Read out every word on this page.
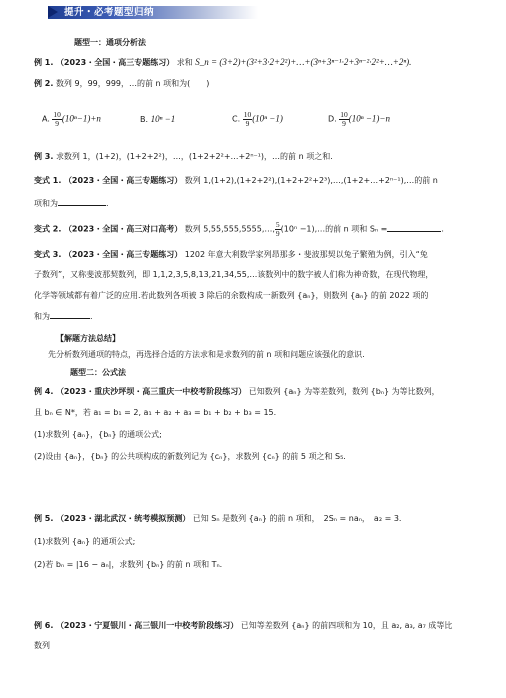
提升・必考题型归纳
题型一：通项分析法
例 1. （2023・全国・高三专题练习） 求和 S_n = (3+2)+(3²+3·2+2²)+…+(3ⁿ+3ⁿ⁻¹·2+3ⁿ⁻²·2²+…+2ⁿ).
例 2. 数列 9，99，999，…的前 n 项和为(　　)
A. $\frac{10}{9} (10^n-1)+n$	B. 10ⁿ −1	C. $\frac{10}{9} (10^n -1)$	D. $\frac{10}{9} (10^n -1)-n$
例 3. 求数列 1，(1+2)，(1+2+2²)，…，(1+2+2²+…+2ⁿ⁻¹)，…的前 n 项之和.
变式 1. （2023・全国・高三专题练习） 数列 1,(1+2),(1+2+2²),(1+2+2²+2³),…,(1+2+…+2ⁿ⁻¹),…的前 n
项和为	.
变式 2. （2023・全国・高三对口高考） 数列 5,55,555,5555,…, $\frac{5}{9} (10^n$ −1),…的前 n 项和 Sₙ =	.
变式 3. （2023・全国・高三专题练习） 1202 年意大利数学家列昂那多・斐波那契以兔子繁殖为例，引入“兔
子数列”，又称斐波那契数列，即 1,1,2,3,5,8,13,21,34,55,…该数列中的数字被人们称为神奇数，在现代物理，
化学等领域都有着广泛的应用.若此数列各项被 3 除后的余数构成一新数列 {aₙ}，则数列 {aₙ} 的前 2022 项的
和为	.
【解题方法总结】
先分析数列通项的特点，再选择合适的方法求和是求数列的前 n 项和问题应该强化的意识.
题型二：公式法
例 4. （2023・重庆沙坪坝・高三重庆一中校考阶段练习） 已知数列 {aₙ} 为等差数列，数列 {bₙ} 为等比数列，
且 bₙ ∈ N*，若 a₁ = b₁ = 2, a₁ + a₂ + a₃ = b₁ + b₂ + b₃ = 15.
(1)求数列 {aₙ}，{bₙ} 的通项公式;
(2)设由 {aₙ}，{bₙ} 的公共项构成的新数列记为 {cₙ}，求数列 {cₙ} 的前 5 项之和 S₅.
例 5. （2023・湖北武汉・统考模拟预测） 已知 Sₙ 是数列 {aₙ} 的前 n 项和，　2Sₙ = naₙ，　a₂ = 3.
(1)求数列 {aₙ} 的通项公式;
(2)若 bₙ = |16 − aₙ|，求数列 {bₙ} 的前 n 项和 Tₙ.
例 6. （2023・宁夏银川・高三银川一中校考阶段练习） 已知等差数列 {aₙ} 的前四项和为 10，且 a₂, a₃, a₇ 成等比
数列
